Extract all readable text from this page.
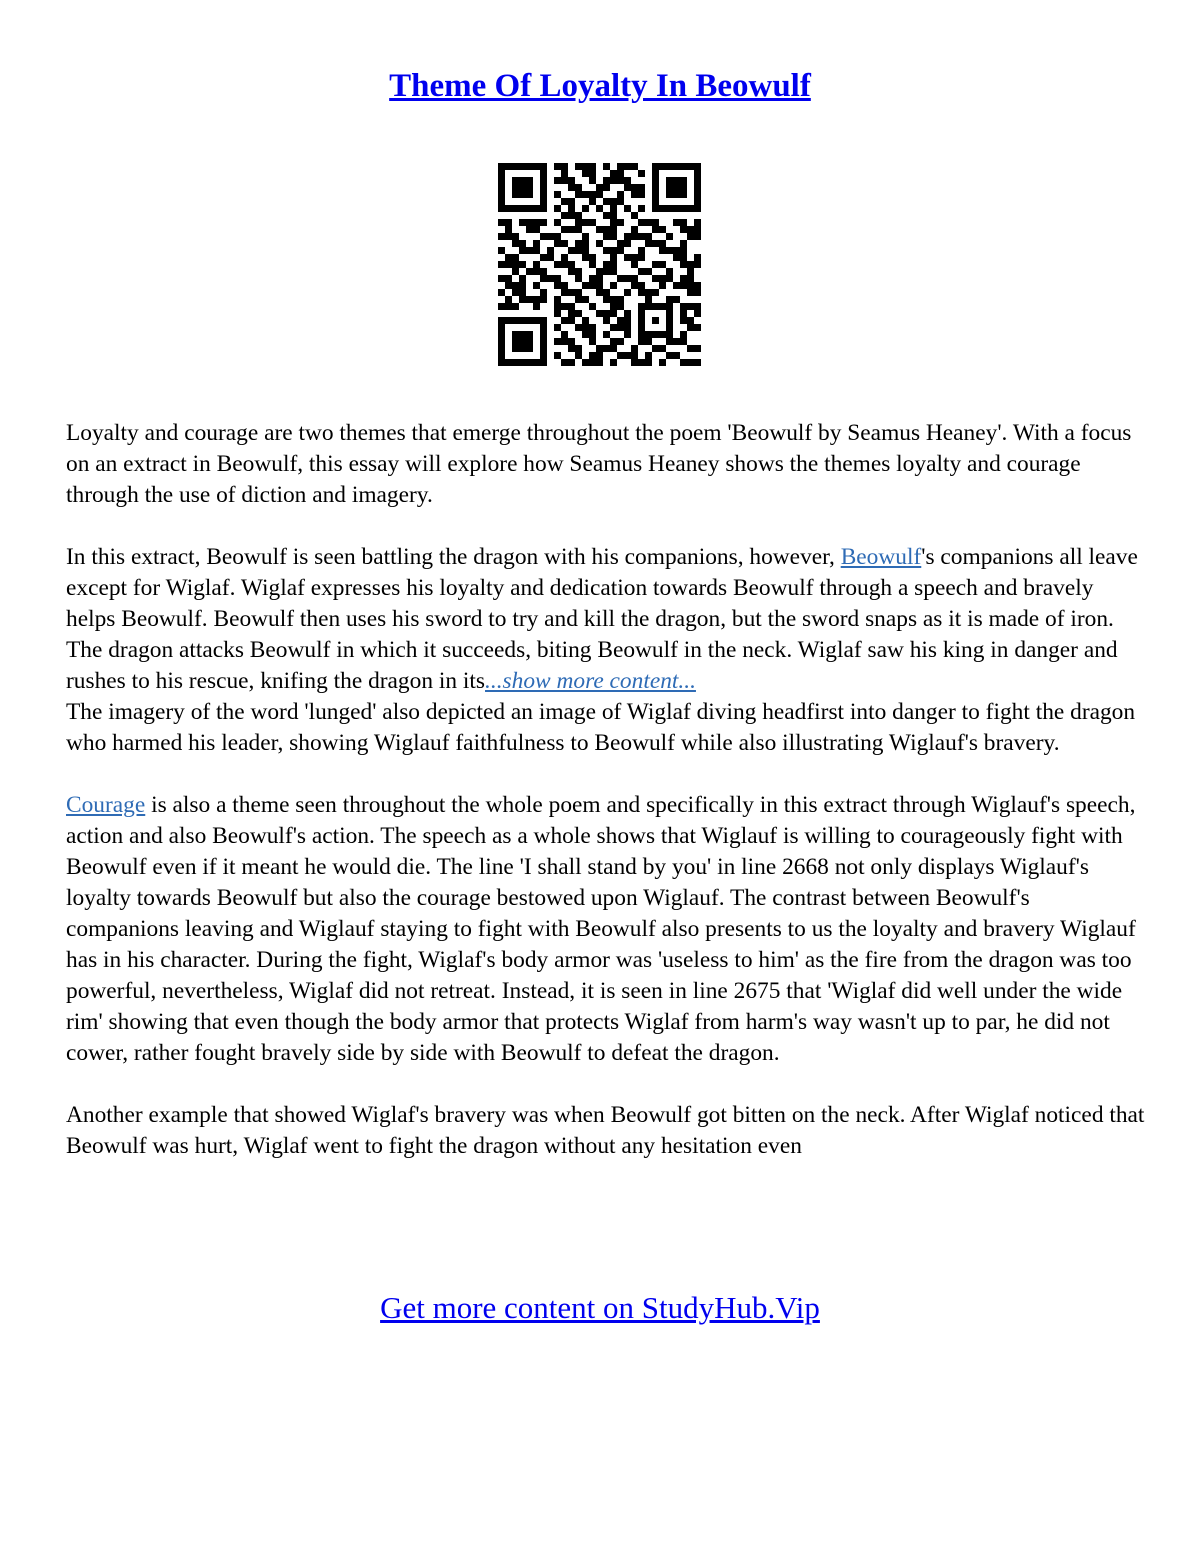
Theme Of Loyalty In Beowulf

Loyalty and courage are two themes that emerge throughout the poem 'Beowulf by Seamus Heaney'. With a focus on an extract in Beowulf, this essay will explore how Seamus Heaney shows the themes loyalty and courage through the use of diction and imagery.

In this extract, Beowulf is seen battling the dragon with his companions, however, Beowulf's companions all leave except for Wiglaf. Wiglaf expresses his loyalty and dedication towards Beowulf through a speech and bravely helps Beowulf. Beowulf then uses his sword to try and kill the dragon, but the sword snaps as it is made of iron. The dragon attacks Beowulf in which it succeeds, biting Beowulf in the neck. Wiglaf saw his king in danger and rushes to his rescue, knifing the dragon in its...show more content...

The imagery of the word 'lunged' also depicted an image of Wiglaf diving headfirst into danger to fight the dragon who harmed his leader, showing Wiglauf faithfulness to Beowulf while also illustrating Wiglauf's bravery.

Courage is also a theme seen throughout the whole poem and specifically in this extract through Wiglauf's speech, action and also Beowulf's action. The speech as a whole shows that Wiglauf is willing to courageously fight with Beowulf even if it meant he would die. The line 'I shall stand by you' in line 2668 not only displays Wiglauf's loyalty towards Beowulf but also the courage bestowed upon Wiglauf. The contrast between Beowulf's companions leaving and Wiglauf staying to fight with Beowulf also presents to us the loyalty and bravery Wiglauf has in his character. During the fight, Wiglaf's body armor was 'useless to him' as the fire from the dragon was too powerful, nevertheless, Wiglaf did not retreat. Instead, it is seen in line 2675 that 'Wiglaf did well under the wide rim' showing that even though the body armor that protects Wiglaf from harm's way wasn't up to par, he did not cower, rather fought bravely side by side with Beowulf to defeat the dragon.

Another example that showed Wiglaf's bravery was when Beowulf got bitten on the neck. After Wiglaf noticed that Beowulf was hurt, Wiglaf went to fight the dragon without any hesitation even

Get more content on StudyHub.Vip
